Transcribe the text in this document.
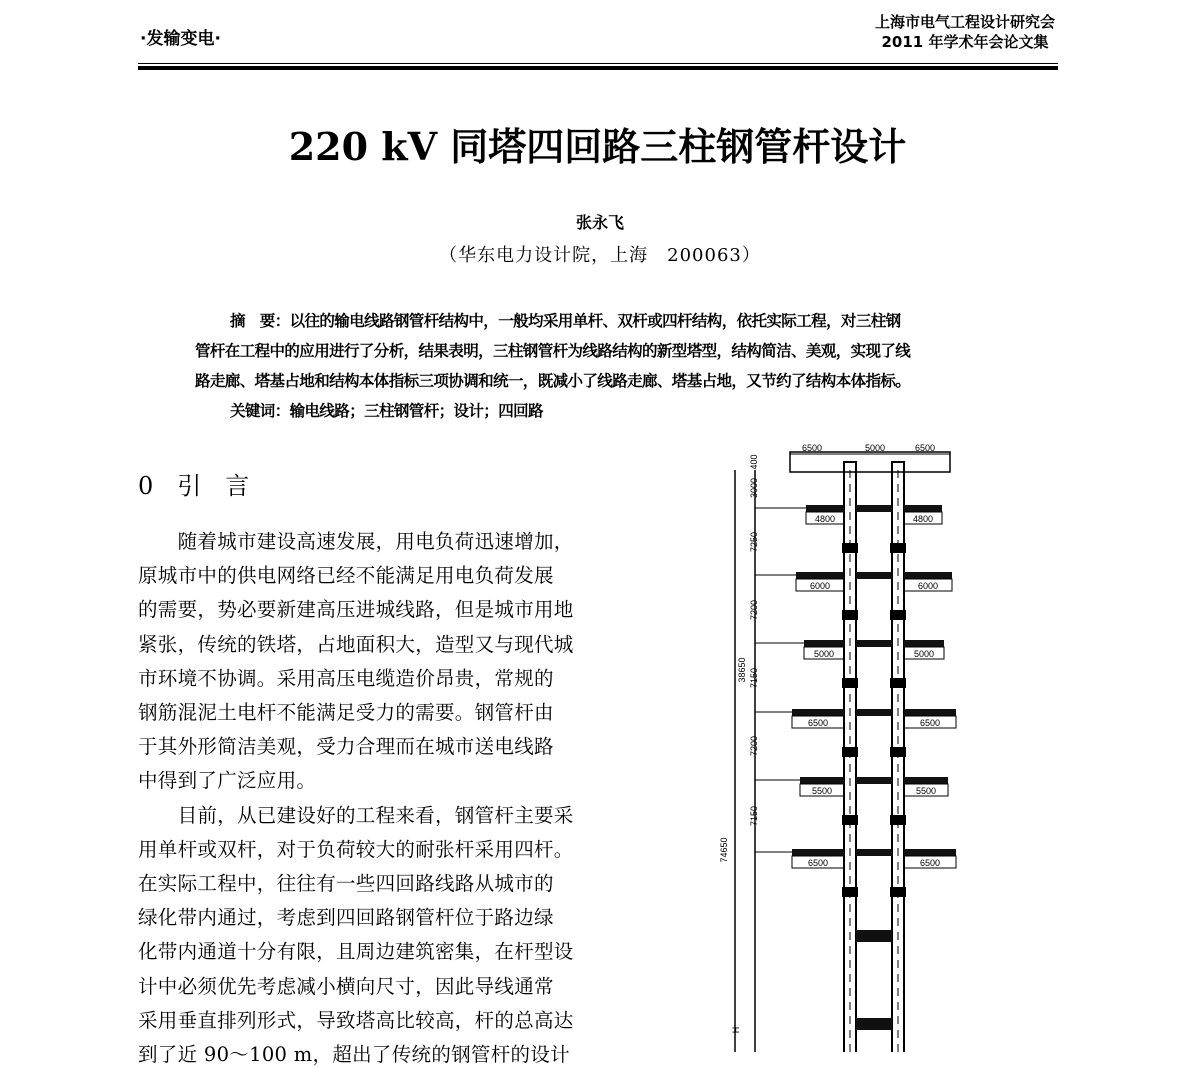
·发输变电·
上海市电气工程设计研究会
2011 年学术年会论文集
220 kV 同塔四回路三柱钢管杆设计
张永飞
（华东电力设计院，上海　200063）
摘　要：以往的输电线路钢管杆结构中，一般均采用单杆、双杆或四杆结构，依托实际工程，对三柱钢
管杆在工程中的应用进行了分析，结果表明，三柱钢管杆为线路结构的新型塔型，结构简洁、美观，实现了线
路走廊、塔基占地和结构本体指标三项协调和统一，既减小了线路走廊、塔基占地，又节约了结构本体指标。
关键词：输电线路；三柱钢管杆；设计；四回路
0　引　言
　　随着城市建设高速发展，用电负荷迅速增加，
原城市中的供电网络已经不能满足用电负荷发展
的需要，势必要新建高压进城线路，但是城市用地
紧张，传统的铁塔，占地面积大，造型又与现代城
市环境不协调。采用高压电缆造价昂贵，常规的
钢筋混泥土电杆不能满足受力的需要。钢管杆由
于其外形简洁美观，受力合理而在城市送电线路
中得到了广泛应用。
　　目前，从已建设好的工程来看，钢管杆主要采
用单杆或双杆，对于负荷较大的耐张杆采用四杆。
在实际工程中，往往有一些四回路线路从城市的
绿化带内通过，考虑到四回路钢管杆位于路边绿
化带内通道十分有限，且周边建筑密集，在杆型设
计中必须优先考虑减小横向尺寸，因此导线通常
采用垂直排列形式，导致塔高比较高，杆的总高达
到了近 90～100 m，超出了传统的钢管杆的设计
6500	5000	6500
400
3000
7250
7200
7150
7200
7150
38650
74650
H
4800	4800
6000	6000
5000	5000
6500	6500
5500	5500
6500	6500
